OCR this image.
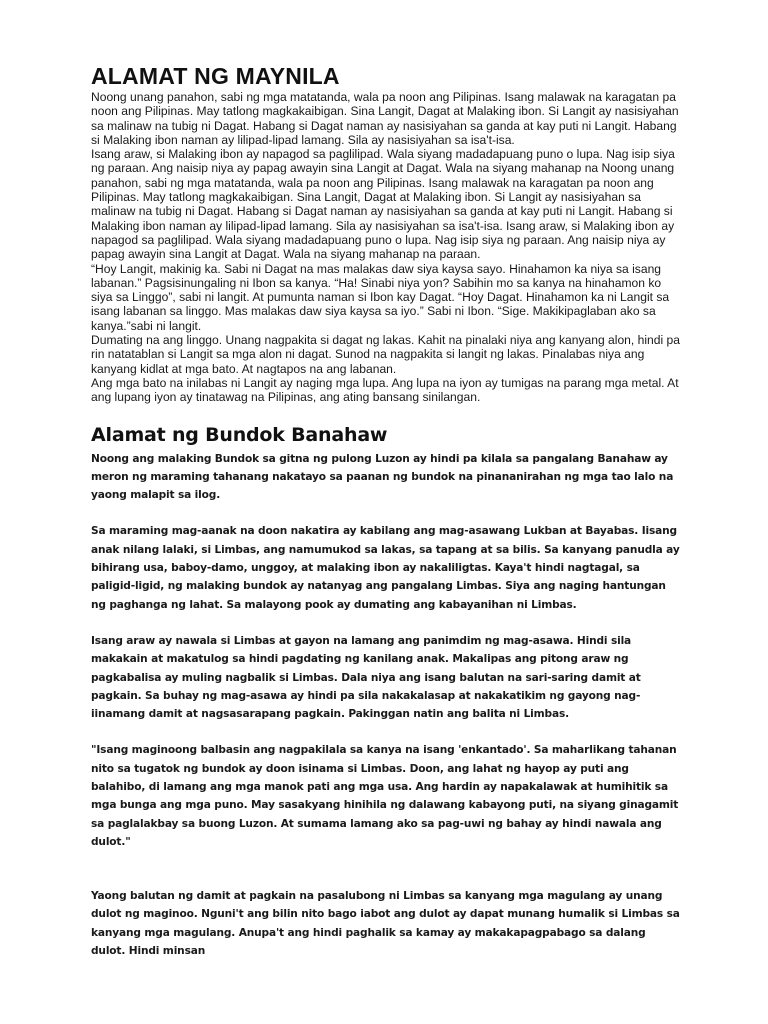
ALAMAT NG MAYNILA

Noong unang panahon, sabi ng mga matatanda, wala pa noon ang Pilipinas. Isang malawak na karagatan pa noon ang Pilipinas. May tatlong magkakaibigan. Sina Langit, Dagat at Malaking ibon. Si Langit ay nasisiyahan sa malinaw na tubig ni Dagat. Habang si Dagat naman ay nasisiyahan sa ganda at kay puti ni Langit. Habang si Malaking ibon naman ay lilipad-lipad lamang. Sila ay nasisiyahan sa isa't-isa.

Isang araw, si Malaking ibon ay napagod sa paglilipad. Wala siyang madadapuang puno o lupa. Nag isip siya ng paraan. Ang naisip niya ay papag awayin sina Langit at Dagat. Wala na siyang mahanap na Noong unang panahon, sabi ng mga matatanda, wala pa noon ang Pilipinas. Isang malawak na karagatan pa noon ang Pilipinas. May tatlong magkakaibigan. Sina Langit, Dagat at Malaking ibon. Si Langit ay nasisiyahan sa malinaw na tubig ni Dagat. Habang si Dagat naman ay nasisiyahan sa ganda at kay puti ni Langit. Habang si Malaking ibon naman ay lilipad-lipad lamang. Sila ay nasisiyahan sa isa't-isa. Isang araw, si Malaking ibon ay napagod sa paglilipad. Wala siyang madadapuang puno o lupa. Nag isip siya ng paraan. Ang naisip niya ay papag awayin sina Langit at Dagat. Wala na siyang mahanap na paraan.

“Hoy Langit, makinig ka. Sabi ni Dagat na mas malakas daw siya kaysa sayo. Hinahamon ka niya sa isang labanan.” Pagsisinungaling ni Ibon sa kanya. “Ha! Sinabi niya yon? Sabihin mo sa kanya na hinahamon ko siya sa Linggo”, sabi ni langit. At pumunta naman si Ibon kay Dagat. “Hoy Dagat. Hinahamon ka ni Langit sa isang labanan sa linggo. Mas malakas daw siya kaysa sa iyo.” Sabi ni Ibon. “Sige. Makikipaglaban ako sa kanya.”sabi ni langit.

Dumating na ang linggo. Unang nagpakita si dagat ng lakas. Kahit na pinalaki niya ang kanyang alon, hindi pa rin natatablan si Langit sa mga alon ni dagat. Sunod na nagpakita si langit ng lakas. Pinalabas niya ang kanyang kidlat at mga bato. At nagtapos na ang labanan.

Ang mga bato na inilabas ni Langit ay naging mga lupa. Ang lupa na iyon ay tumigas na parang mga metal. At ang lupang iyon ay tinatawag na Pilipinas, ang ating bansang sinilangan.

Alamat ng Bundok Banahaw

Noong ang malaking Bundok sa gitna ng pulong Luzon ay hindi pa kilala sa pangalang Banahaw ay meron ng maraming tahanang nakatayo sa paanan ng bundok na pinananirahan ng mga tao lalo na yaong malapit sa ilog.

Sa maraming mag-aanak na doon nakatira ay kabilang ang mag-asawang Lukban at Bayabas. Iisang anak nilang lalaki, si Limbas, ang namumukod sa lakas, sa tapang at sa bilis. Sa kanyang panudla ay bihirang usa, baboy-damo, unggoy, at malaking ibon ay nakaliligtas. Kaya't hindi nagtagal, sa paligid-ligid, ng malaking bundok ay natanyag ang pangalang Limbas. Siya ang naging hantungan ng paghanga ng lahat. Sa malayong pook ay dumating ang kabayanihan ni Limbas.

Isang araw ay nawala si Limbas at gayon na lamang ang panimdim ng mag-asawa. Hindi sila makakain at makatulog sa hindi pagdating ng kanilang anak. Makalipas ang pitong araw ng pagkabalisa ay muling nagbalik si Limbas. Dala niya ang isang balutan na sari-saring damit at pagkain. Sa buhay ng mag-asawa ay hindi pa sila nakakalasap at nakakatikim ng gayong nag-iinamang damit at nagsasarapang pagkain. Pakinggan natin ang balita ni Limbas.

"Isang maginoong balbasin ang nagpakilala sa kanya na isang 'enkantado'. Sa maharlikang tahanan nito sa tugatok ng bundok ay doon isinama si Limbas. Doon, ang lahat ng hayop ay puti ang balahibo, di lamang ang mga manok pati ang mga usa. Ang hardin ay napakalawak at humihitik sa mga bunga ang mga puno. May sasakyang hinihila ng dalawang kabayong puti, na siyang ginagamit sa paglalakbay sa buong Luzon. At sumama lamang ako sa pag-uwi ng bahay ay hindi nawala ang dulot."

Yaong balutan ng damit at pagkain na pasalubong ni Limbas sa kanyang mga magulang ay unang dulot ng maginoo. Nguni't ang bilin nito bago iabot ang dulot ay dapat munang humalik si Limbas sa kanyang mga magulang. Anupa't ang hindi paghalik sa kamay ay makakapagpabago sa dalang dulot. Hindi minsan
